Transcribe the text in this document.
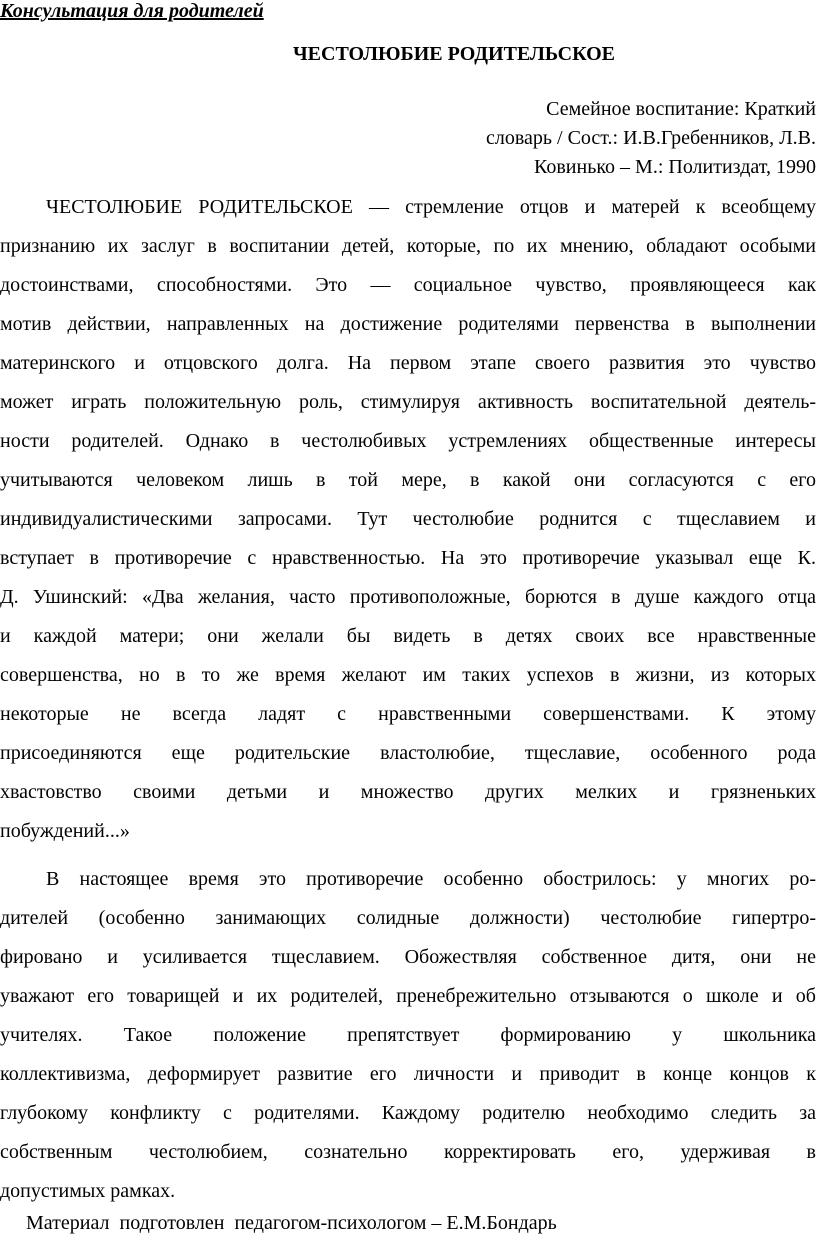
Консультация для родителей
ЧЕСТОЛЮБИЕ РОДИТЕЛЬСКОЕ
Семейное воспитание: Краткий
словарь / Сост.: И.В.Гребенников, Л.В.
Ковинько – М.: Политиздат, 1990
ЧЕСТОЛЮБИЕ РОДИТЕЛЬСКОЕ — стремление отцов и матерей к всеобщему
признанию их заслуг в воспитании детей, которые, по их мнению, обладают особыми
достоинствами, способностями. Это — социальное чувство, проявляющееся как
мотив действии, направленных на достижение родителями первенства в выполнении
материнского и отцовского долга. На первом этапе своего развития это чувство
может играть положительную роль, стимулируя активность воспитательной деятель-
ности родителей. Однако в честолюбивых устремлениях общественные интересы
учитываются человеком лишь в той мере, в какой они согласуются с его
индивидуалистическими запросами. Тут честолюбие роднится с тщеславием и
вступает в противоречие с нравственностью. На это противоречие указывал еще К.
Д. Ушинский: «Два желания, часто противоположные, борются в душе каждого отца
и каждой матери; они желали бы видеть в детях своих все нравственные
совершенства, но в то же время желают им таких успехов в жизни, из которых
некоторые не всегда ладят с нравственными совершенствами. К этому
присоединяются еще родительские властолюбие, тщеславие, особенного рода
хвастовство своими детьми и множество других мелких и грязненьких
побуждений...»
В настоящее время это противоречие особенно обострилось: у многих ро-
дителей (особенно занимающих солидные должности) честолюбие гипертро-
фировано и усиливается тщеславием. Обожествляя собственное дитя, они не
уважают его товарищей и их родителей, пренебрежительно отзываются о школе и об
учителях. Такое положение препятствует формированию у школьника
коллективизма, деформирует развитие его личности и приводит в конце концов к
глубокому конфликту с родителями. Каждому родителю необходимо следить за
собственным честолюбием, сознательно корректировать его, удерживая в
допустимых рамках.
Материал  подготовлен  педагогом-психологом – Е.М.Бондарь
